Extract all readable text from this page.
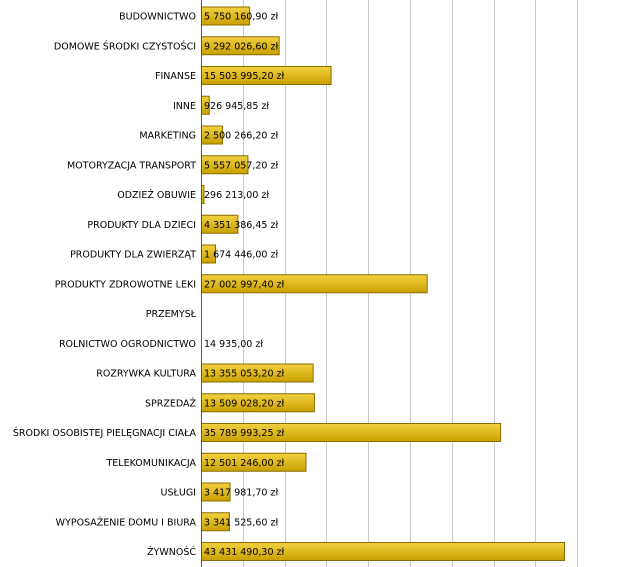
BUDOWNICTWO
DOMOWE ŚRODKI CZYSTOŚCI
FINANSE
INNE
MARKETING
MOTORYZACJA TRANSPORT
ODZIEŻ OBUWIE
PRODUKTY DLA DZIECI
PRODUKTY DLA ZWIERZĄT
PRODUKTY ZDROWOTNE LEKI
PRZEMYSŁ
ROLNICTWO OGRODNICTWO
ROZRYWKA KULTURA
SPRZEDAŻ
ŚRODKI OSOBISTEJ PIELĘGNACJI CIAŁA
TELEKOMUNIKACJA
USŁUGI
WYPOSAŻENIE DOMU I BIURA
ŻYWNOŚĆ
5 750 160,90 zł
9 292 026,60 zł
15 503 995,20 zł
926 945,85 zł
2 500 266,20 zł
5 557 057,20 zł
296 213,00 zł
4 351 386,45 zł
1 674 446,00 zł
27 002 997,40 zł
14 935,00 zł
13 355 053,20 zł
13 509 028,20 zł
35 789 993,25 zł
12 501 246,00 zł
3 417 981,70 zł
3 341 525,60 zł
43 431 490,30 zł
